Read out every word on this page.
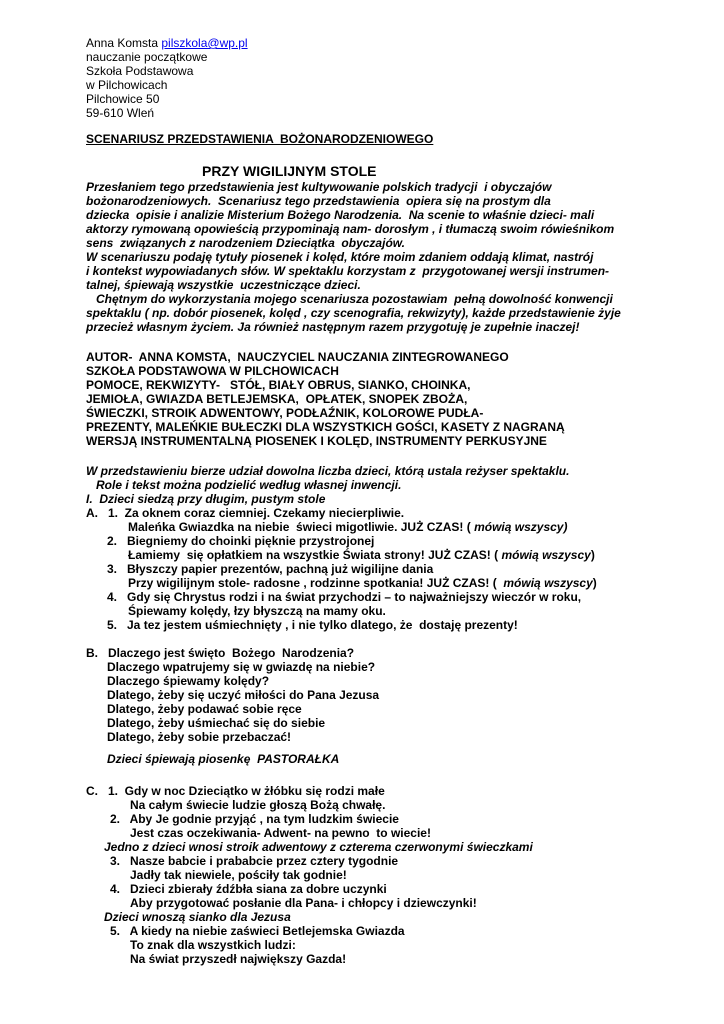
Anna Komsta pilszkola@wp.pl
nauczanie początkowe
Szkoła Podstawowa
w Pilchowicach
Pilchowice 50
59-610 Wleń
SCENARIUSZ PRZEDSTAWIENIA  BOŻONARODZENIOWEGO
PRZY WIGILIJNYM STOLE
Przesłaniem tego przedstawienia jest kultywowanie polskich tradycji  i obyczajów
bożonarodzeniowych.  Scenariusz tego przedstawienia  opiera się na prostym dla
dziecka  opisie i analizie Misterium Bożego Narodzenia.  Na scenie to właśnie dzieci- mali
aktorzy rymowaną opowieścią przypominają nam- dorosłym , i tłumaczą swoim rówieśnikom
sens  związanych z narodzeniem Dzieciątka  obyczajów.
W scenariuszu podaję tytuły piosenek i kolęd, które moim zdaniem oddają klimat, nastrój
i kontekst wypowiadanych słów. W spektaklu korzystam z  przygotowanej wersji instrumen-
talnej, śpiewają wszystkie  uczestniczące dzieci.
Chętnym do wykorzystania mojego scenariusza pozostawiam  pełną dowolność konwencji
spektaklu ( np. dobór piosenek, kolęd , czy scenografia, rekwizyty), każde przedstawienie żyje
przecież własnym życiem. Ja również następnym razem przygotuję je zupełnie inaczej!
AUTOR-  ANNA KOMSTA,  NAUCZYCIEL NAUCZANIA ZINTEGROWANEGO
SZKOŁA PODSTAWOWA W PILCHOWICACH
POMOCE, REKWIZYTY-   STÓŁ, BIAŁY OBRUS, SIANKO, CHOINKA,
JEMIOŁA, GWIAZDA BETLEJEMSKA,  OPŁATEK, SNOPEK ZBOŻA,
ŚWIECZKI, STROIK ADWENTOWY, PODŁAŹNIK, KOLOROWE PUDŁA-
PREZENTY, MALEŃKIE BUŁECZKI DLA WSZYSTKICH GOŚCI, KASETY Z NAGRANĄ
WERSJĄ INSTRUMENTALNĄ PIOSENEK I KOLĘD, INSTRUMENTY PERKUSYJNE
W przedstawieniu bierze udział dowolna liczba dzieci, którą ustala reżyser spektaklu.
Role i tekst można podzielić według własnej inwencji.
I.  Dzieci siedzą przy długim, pustym stole
A.   1.  Za oknem coraz ciemniej. Czekamy niecierpliwie.
Maleńka Gwiazdka na niebie  świeci migotliwie. JUŻ CZAS! ( mówią wszyscy)
2.   Biegniemy do choinki pięknie przystrojonej
Łamiemy  się opłatkiem na wszystkie Świata strony! JUŻ CZAS! ( mówią wszyscy)
3.   Błyszczy papier prezentów, pachną już wigilijne dania
Przy wigilijnym stole- radosne , rodzinne spotkania! JUŻ CZAS! (  mówią wszyscy)
4.   Gdy się Chrystus rodzi i na świat przychodzi – to najważniejszy wieczór w roku,
Śpiewamy kolędy, łzy błyszczą na mamy oku.
5.   Ja tez jestem uśmiechnięty , i nie tylko dlatego, że  dostaję prezenty!
B.   Dlaczego jest święto  Bożego  Narodzenia?
Dlaczego wpatrujemy się w gwiazdę na niebie?
Dlaczego śpiewamy kolędy?
Dlatego, żeby się uczyć miłości do Pana Jezusa
Dlatego, żeby podawać sobie ręce
Dlatego, żeby uśmiechać się do siebie
Dlatego, żeby sobie przebaczać!
Dzieci śpiewają piosenkę  PASTORAŁKA
C.   1.  Gdy w noc Dzieciątko w żłóbku się rodzi małe
Na całym świecie ludzie głoszą Bożą chwałę.
2.   Aby Je godnie przyjąć , na tym ludzkim świecie
Jest czas oczekiwania- Adwent- na pewno  to wiecie!
Jedno z dzieci wnosi stroik adwentowy z czterema czerwonymi świeczkami
3.   Nasze babcie i prababcie przez cztery tygodnie
Jadły tak niewiele, pościły tak godnie!
4.   Dzieci zbierały źdźbła siana za dobre uczynki
Aby przygotować posłanie dla Pana- i chłopcy i dziewczynki!
Dzieci wnoszą sianko dla Jezusa
5.   A kiedy na niebie zaświeci Betlejemska Gwiazda
To znak dla wszystkich ludzi:
Na świat przyszedł największy Gazda!
